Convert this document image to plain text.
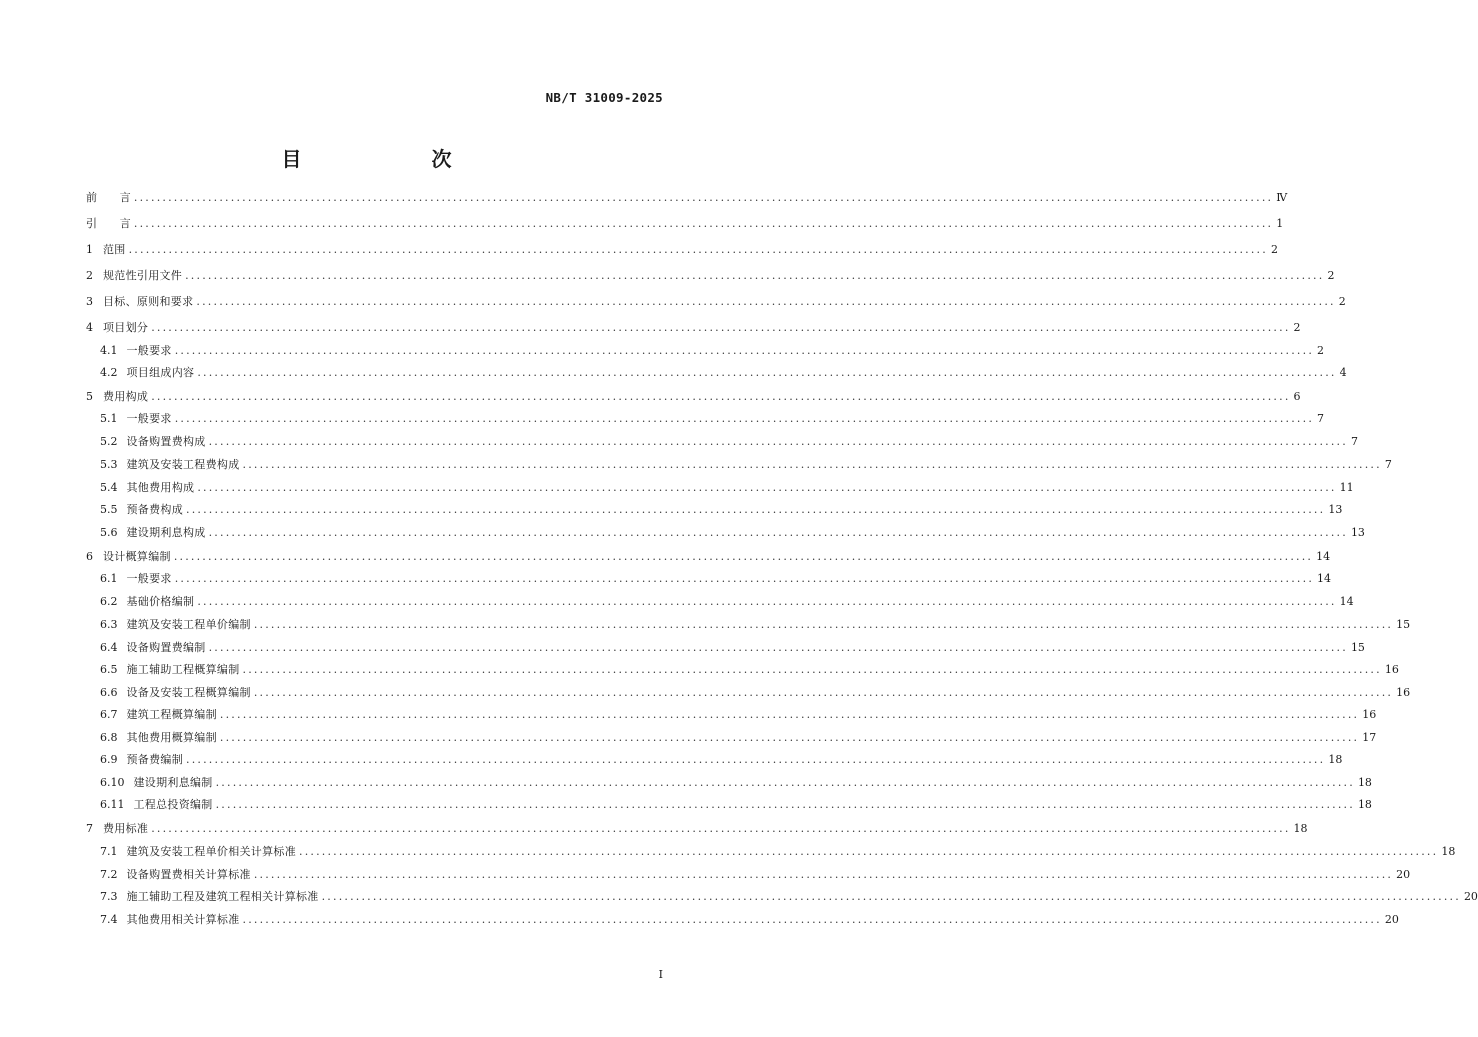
NB/T 31009-2025
目　　次
前 　　言 ........................................................................................................................................................................................................ Ⅳ
引 　　言 ........................................................................................................................................................................................................ 1
1 范围 ........................................................................................................................................................................................................ 2
2 规范性引用文件 ........................................................................................................................................................................................................ 2
3 目标、原则和要求 ........................................................................................................................................................................................................ 2
4 项目划分 ........................................................................................................................................................................................................ 2
4.1 一般要求 ........................................................................................................................................................................................................ 2
4.2 项目组成内容 ........................................................................................................................................................................................................ 4
5 费用构成 ........................................................................................................................................................................................................ 6
5.1 一般要求 ........................................................................................................................................................................................................ 7
5.2 设备购置费构成 ........................................................................................................................................................................................................ 7
5.3 建筑及安装工程费构成 ........................................................................................................................................................................................................ 7
5.4 其他费用构成 ........................................................................................................................................................................................................ 11
5.5 预备费构成 ........................................................................................................................................................................................................ 13
5.6 建设期利息构成 ........................................................................................................................................................................................................ 13
6 设计概算编制 ........................................................................................................................................................................................................ 14
6.1 一般要求 ........................................................................................................................................................................................................ 14
6.2 基础价格编制 ........................................................................................................................................................................................................ 14
6.3 建筑及安装工程单价编制 ........................................................................................................................................................................................................ 15
6.4 设备购置费编制 ........................................................................................................................................................................................................ 15
6.5 施工辅助工程概算编制 ........................................................................................................................................................................................................ 16
6.6 设备及安装工程概算编制 ........................................................................................................................................................................................................ 16
6.7 建筑工程概算编制 ........................................................................................................................................................................................................ 16
6.8 其他费用概算编制 ........................................................................................................................................................................................................ 17
6.9 预备费编制 ........................................................................................................................................................................................................ 18
6.10 建设期利息编制 ........................................................................................................................................................................................................ 18
6.11 工程总投资编制 ........................................................................................................................................................................................................ 18
7 费用标准 ........................................................................................................................................................................................................ 18
7.1 建筑及安装工程单价相关计算标准 ........................................................................................................................................................................................................ 18
7.2 设备购置费相关计算标准 ........................................................................................................................................................................................................ 20
7.3 施工辅助工程及建筑工程相关计算标准 ........................................................................................................................................................................................................ 20
7.4 其他费用相关计算标准 ........................................................................................................................................................................................................ 20
I
